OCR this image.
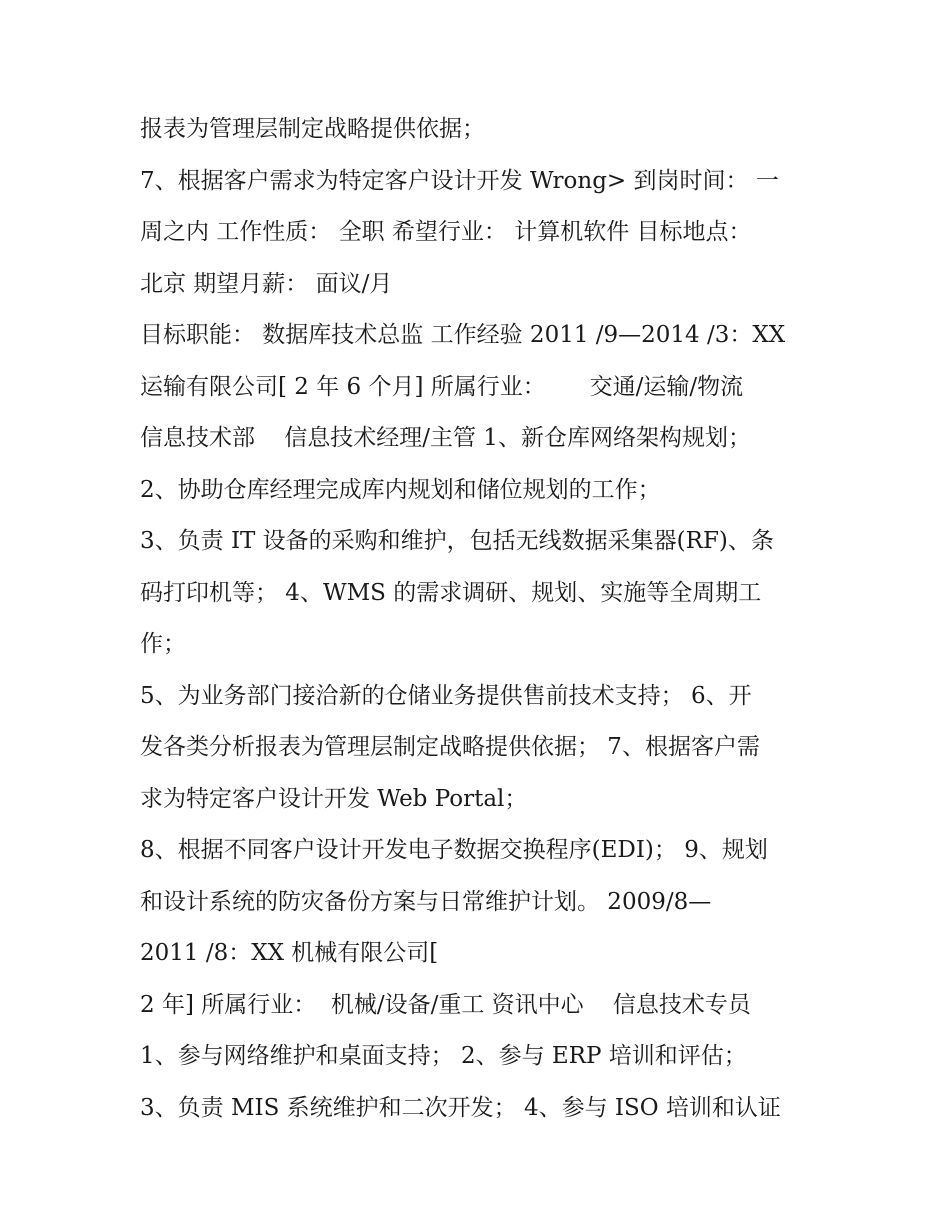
报表为管理层制定战略提供依据；
7、根据客户需求为特定客户设计开发 Wrong> 到岗时间： 一
周之内 工作性质： 全职 希望行业： 计算机软件 目标地点：
北京 期望月薪： 面议/月
目标职能： 数据库技术总监 工作经验 2011 /9—2014 /3：XX
运输有限公司[ 2 年 6 个月] 所属行业：      交通/运输/物流
信息技术部    信息技术经理/主管 1、新仓库网络架构规划；
2、协助仓库经理完成库内规划和储位规划的工作；
3、负责 IT 设备的采购和维护，包括无线数据采集器(RF)、条
码打印机等； 4、WMS 的需求调研、规划、实施等全周期工
作；
5、为业务部门接洽新的仓储业务提供售前技术支持； 6、开
发各类分析报表为管理层制定战略提供依据； 7、根据客户需
求为特定客户设计开发 Web Portal；
8、根据不同客户设计开发电子数据交换程序(EDI)； 9、规划
和设计系统的防灾备份方案与日常维护计划。 2009/8—
2011 /8：XX 机械有限公司[
2 年] 所属行业：  机械/设备/重工 资讯中心    信息技术专员
1、参与网络维护和桌面支持； 2、参与 ERP 培训和评估；
3、负责 MIS 系统维护和二次开发； 4、参与 ISO 培训和认证
